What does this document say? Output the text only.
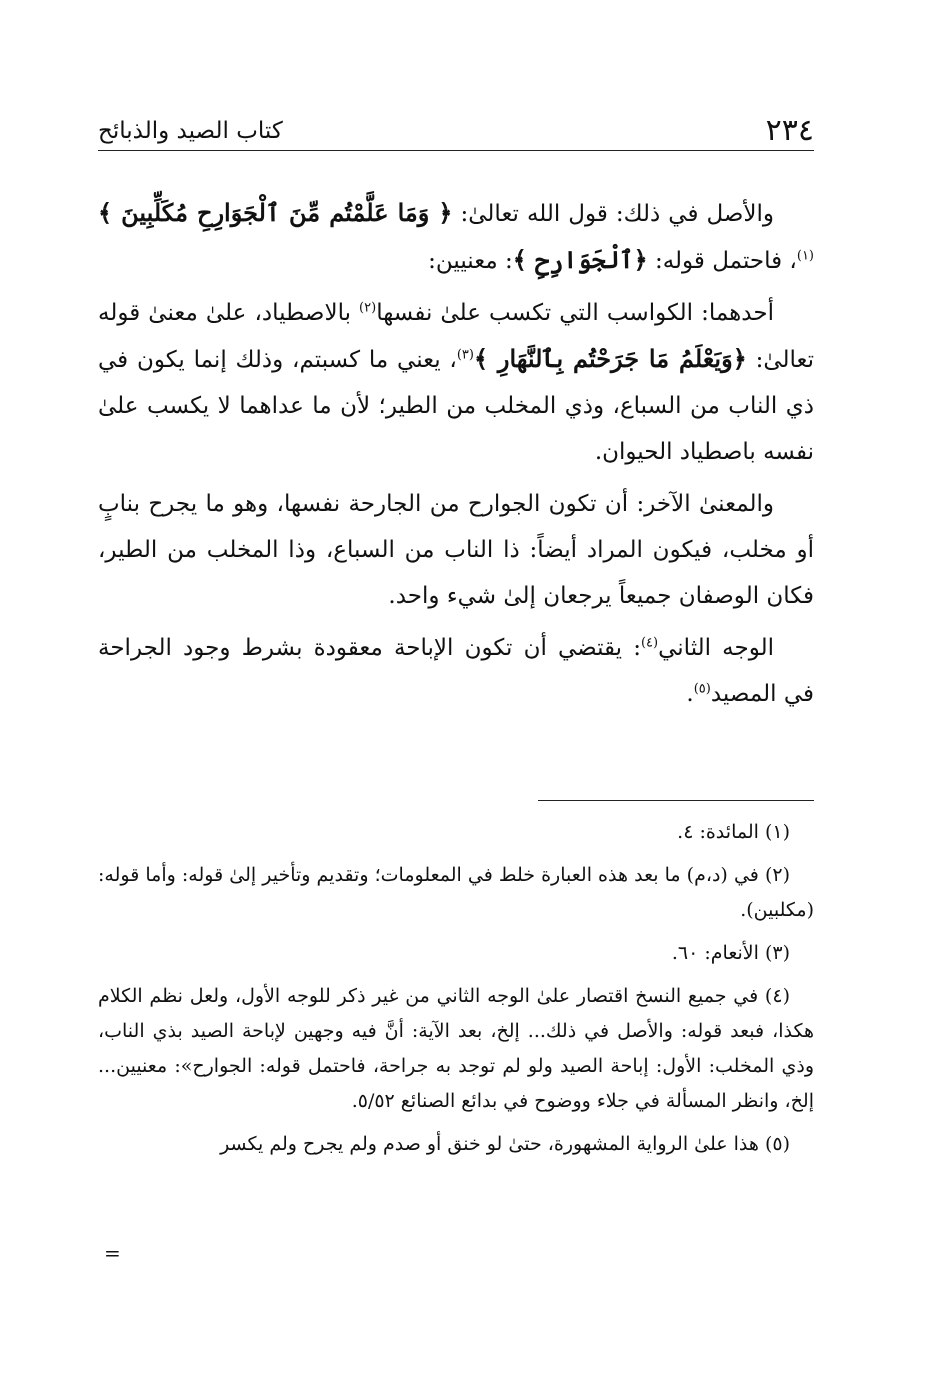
٢٣٤
كتاب الصيد والذبائح

والأصل في ذلك: قول الله تعالىٰ: ﴿ وَمَا عَلَّمْتُم مِّنَ ٱلْجَوَارِحِ مُكَلِّبِينَ ﴾$^{(١)}$، فاحتمل قوله: ﴿ٱلْجَوَارِحِ ﴾: معنيين:

أحدهما: الكواسب التي تكسب علىٰ نفسها$^{(٢)}$ بالاصطياد، علىٰ معنىٰ قوله تعالىٰ: ﴿وَيَعْلَمُ مَا جَرَحْتُم بِٱلنَّهَارِ ﴾$^{(٣)}$، يعني ما كسبتم، وذلك إنما يكون في ذي الناب من السباع، وذي المخلب من الطير؛ لأن ما عداهما لا يكسب علىٰ نفسه باصطياد الحيوان.

والمعنىٰ الآخر: أن تكون الجوارح من الجارحة نفسها، وهو ما يجرح بنابٍ أو مخلب، فيكون المراد أيضاً: ذا الناب من السباع، وذا المخلب من الطير، فكان الوصفان جميعاً يرجعان إلىٰ شيء واحد.

الوجه الثاني$^{(٤)}$: يقتضي أن تكون الإباحة معقودة بشرط وجود الجراحة في المصيد$^{(٥)}$.

(١) المائدة: ٤.

(٢) في (د،م) ما بعد هذه العبارة خلط في المعلومات؛ وتقديم وتأخير إلىٰ قوله: وأما قوله: (مكلبين).

(٣) الأنعام: ٦٠.

(٤) في جميع النسخ اقتصار علىٰ الوجه الثاني من غير ذكر للوجه الأول، ولعل نظم الكلام هكذا، فبعد قوله: والأصل في ذلك... إلخ، بعد الآية: أنَّ فيه وجهين لإباحة الصيد بذي الناب، وذي المخلب: الأول: إباحة الصيد ولو لم توجد به جراحة، فاحتمل قوله: الجوارح»: معنيين... إلخ، وانظر المسألة في جلاء ووضوح في بدائع الصنائع ٥/٥٢.

(٥) هذا علىٰ الرواية المشهورة، حتىٰ لو خنق أو صدم ولم يجرح ولم يكسر

=
